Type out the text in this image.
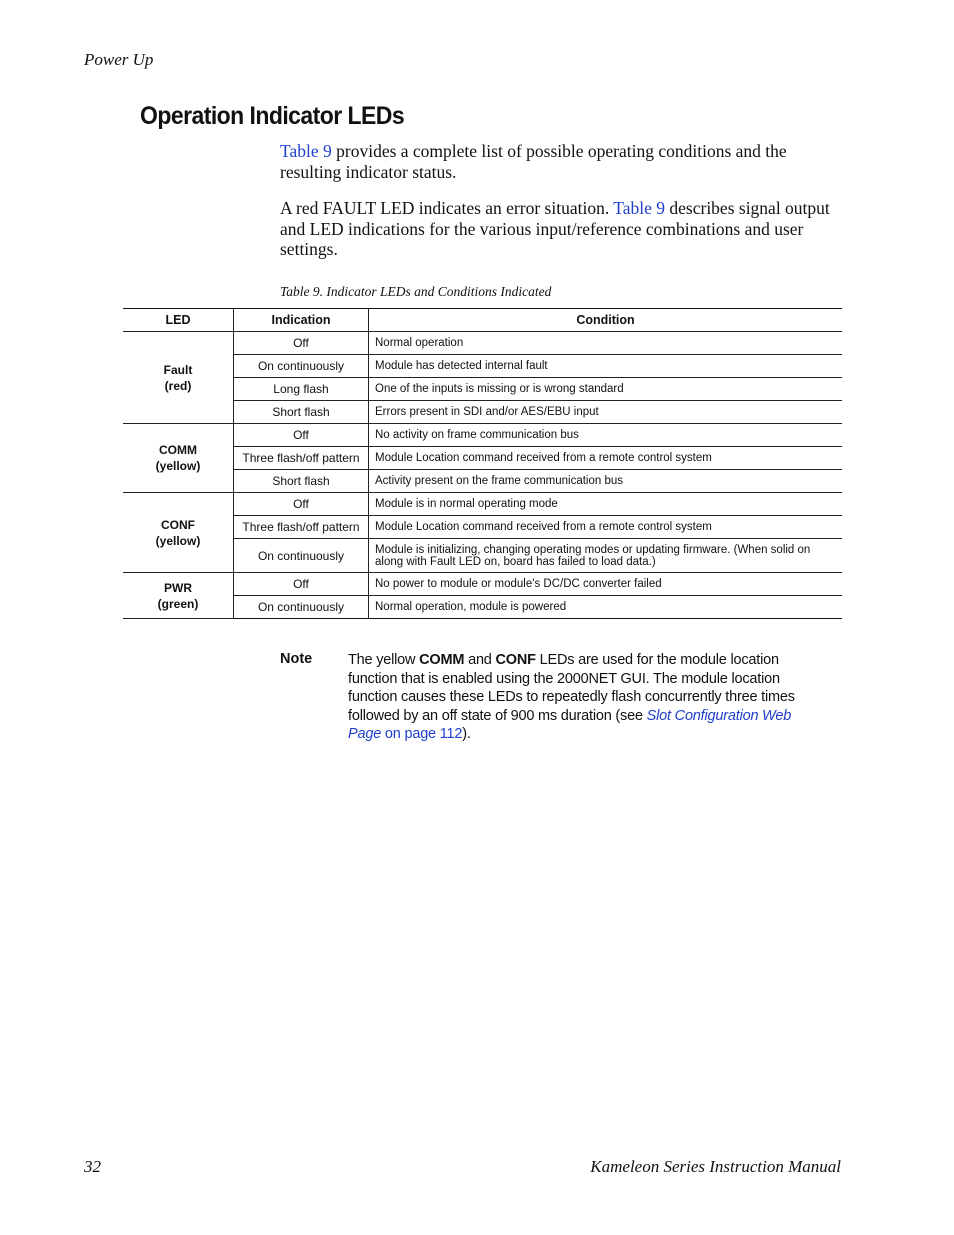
Power Up
Operation Indicator LEDs

Table 9 provides a complete list of possible operating conditions and the resulting indicator status.

A red FAULT LED indicates an error situation. Table 9 describes signal output and LED indications for the various input/reference combinations and user settings.

Table 9. Indicator LEDs and Conditions Indicated
LED	Indication	Condition
Fault
(red)	Off	Normal operation
	On continuously	Module has detected internal fault
	Long flash	One of the inputs is missing or is wrong standard
	Short flash	Errors present in SDI and/or AES/EBU input
COMM
(yellow)	Off	No activity on frame communication bus
	Three flash/off pattern	Module Location command received from a remote control system
	Short flash	Activity present on the frame communication bus
CONF
(yellow)	Off	Module is in normal operating mode
	Three flash/off pattern	Module Location command received from a remote control system
	On continuously	Module is initializing, changing operating modes or updating firmware. (When solid on along with Fault LED on, board has failed to load data.)
PWR
(green)	Off	No power to module or module's DC/DC converter failed
	On continuously	Normal operation, module is powered
Note The yellow COMM and CONF LEDs are used for the module location function that is enabled using the 2000NET GUI. The module location function causes these LEDs to repeatedly flash concurrently three times followed by an off state of 900 ms duration (see Slot Configuration Web Page on page 112).
32	Kameleon Series Instruction Manual
